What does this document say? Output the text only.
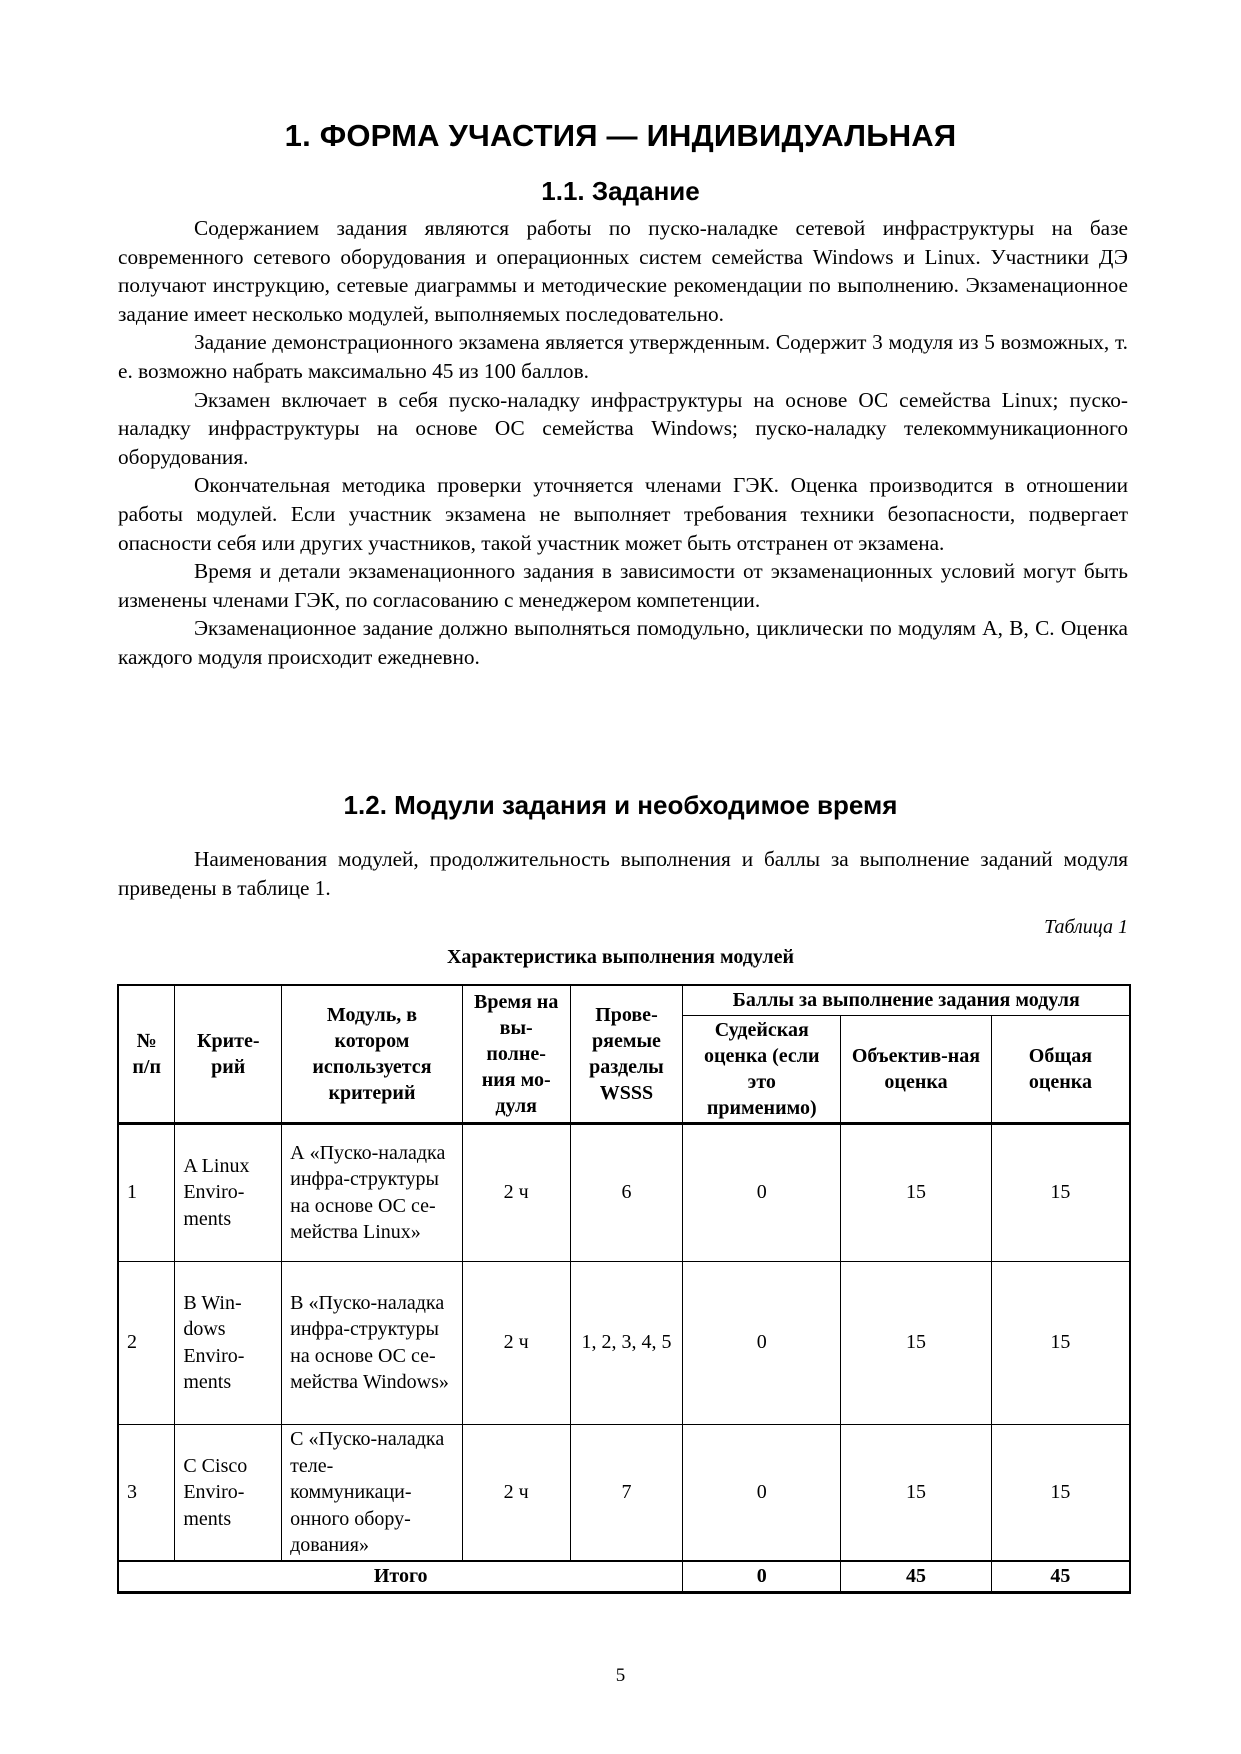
1. ФОРМА УЧАСТИЯ — ИНДИВИДУАЛЬНАЯ
1.1. Задание

Содержанием задания являются работы по пуско-наладке сетевой инфраструктуры на базе современного сетевого оборудования и операционных систем семейства Windows и Linux. Участники ДЭ получают инструкцию, сетевые диаграммы и методические рекомендации по выполнению. Экзаменационное задание имеет несколько модулей, выполняемых последовательно.

Задание демонстрационного экзамена является утвержденным. Содержит 3 модуля из 5 возможных, т. е. возможно набрать максимально 45 из 100 баллов.

Экзамен включает в себя пуско-наладку инфраструктуры на основе ОС семейства Linux; пуско-наладку инфраструктуры на основе ОС семейства Windows; пуско-наладку телекоммуникационного оборудования.

Окончательная методика проверки уточняется членами ГЭК. Оценка производится в отношении работы модулей. Если участник экзамена не выполняет требования техники безопасности, подвергает опасности себя или других участников, такой участник может быть отстранен от экзамена.

Время и детали экзаменационного задания в зависимости от экзаменационных условий могут быть изменены членами ГЭК, по согласованию с менеджером компетенции.

Экзаменационное задание должно выполняться помодульно, циклически по модулям A, B, C. Оценка каждого модуля происходит ежедневно.

1.2. Модули задания и необходимое время

Наименования модулей, продолжительность выполнения и баллы за выполнение заданий модуля приведены в таблице 1.

Таблица 1
Характеристика выполнения модулей
№ п/п	Крите-рий	Модуль, в котором используется критерий	Время на вы-полне-ния мо-дуля	Прове-ряемые разделы WSSS	Баллы за выполнение задания модуля		
					Судейская оценка (если это применимо)	Объектив-ная оценка	Общая оценка
1	A Linux Enviro-ments	А «Пуско-наладка инфра-структуры на основе ОС се-мейства Linux»	2 ч	6	0	15	15
2	B Win-dows Enviro-ments	В «Пуско-наладка инфра-структуры на основе ОС се-мейства Windows»	2 ч	1, 2, 3, 4, 5	0	15	15
3	C Cisco Enviro-ments	С «Пуско-наладка теле-коммуникаци-онного обору-дования»	2 ч	7	0	15	15
Итого					0	45	45
5
